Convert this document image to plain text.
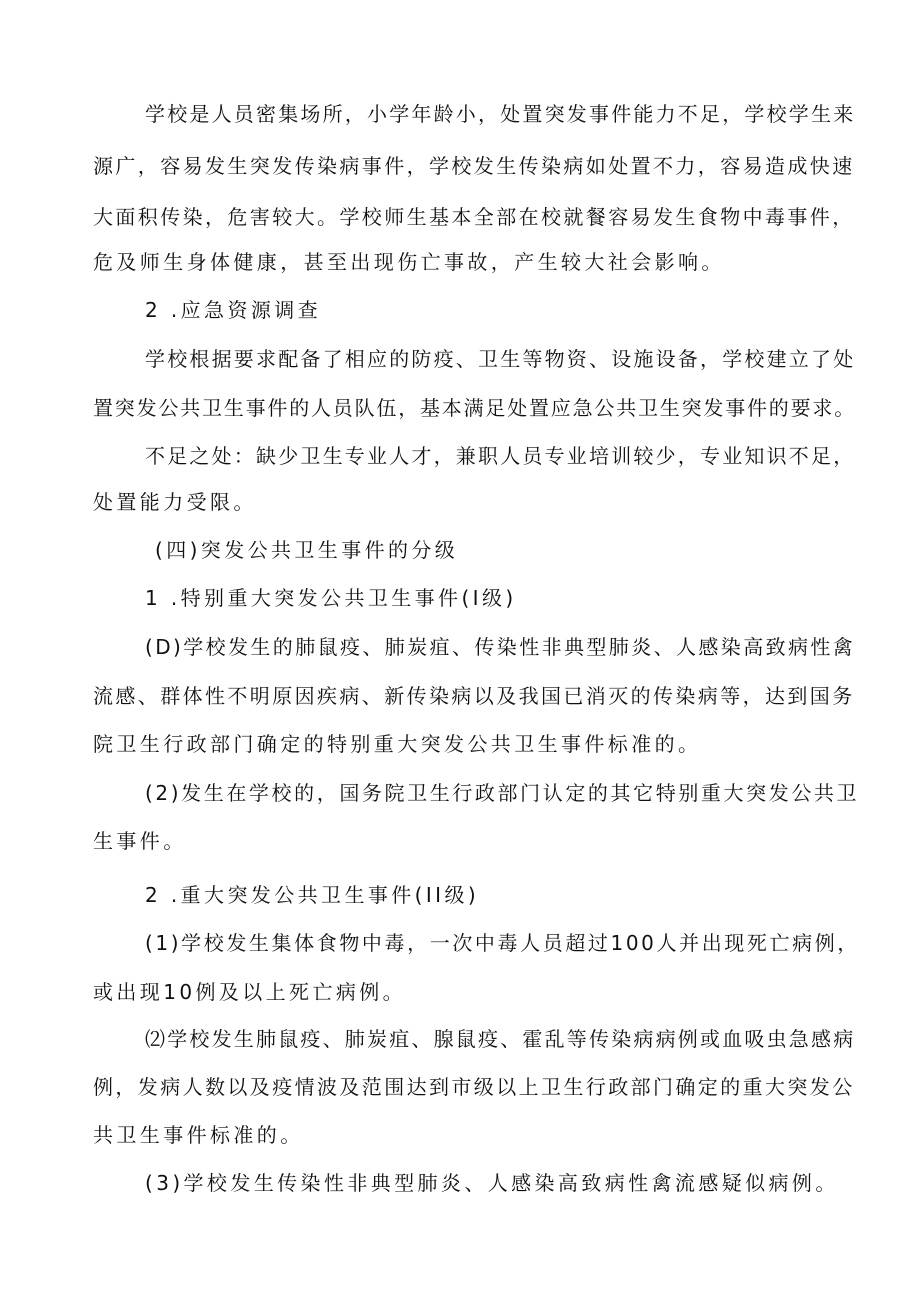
学校是人员密集场所，小学年龄小，处置突发事件能力不足，学校学生来
源广，容易发生突发传染病事件，学校发生传染病如处置不力，容易造成快速
大面积传染，危害较大。学校师生基本全部在校就餐容易发生食物中毒事件，
危及师生身体健康，甚至出现伤亡事故，产生较大社会影响。
2 .应急资源调查
学校根据要求配备了相应的防疫、卫生等物资、设施设备，学校建立了处
置突发公共卫生事件的人员队伍，基本满足处置应急公共卫生突发事件的要求。
不足之处：缺少卫生专业人才，兼职人员专业培训较少，专业知识不足，
处置能力受限。
(四)突发公共卫生事件的分级
1 .特别重大突发公共卫生事件(I级)
(D)学校发生的肺鼠疫、肺炭疽、传染性非典型肺炎、人感染高致病性禽
流感、群体性不明原因疾病、新传染病以及我国已消灭的传染病等，达到国务
院卫生行政部门确定的特别重大突发公共卫生事件标准的。
(2)发生在学校的，国务院卫生行政部门认定的其它特别重大突发公共卫
生事件。
2 .重大突发公共卫生事件(II级)
(1)学校发生集体食物中毒，一次中毒人员超过100人并出现死亡病例，
或出现10例及以上死亡病例。
⑵学校发生肺鼠疫、肺炭疽、腺鼠疫、霍乱等传染病病例或血吸虫急感病
例，发病人数以及疫情波及范围达到市级以上卫生行政部门确定的重大突发公
共卫生事件标准的。
(3)学校发生传染性非典型肺炎、人感染高致病性禽流感疑似病例。
